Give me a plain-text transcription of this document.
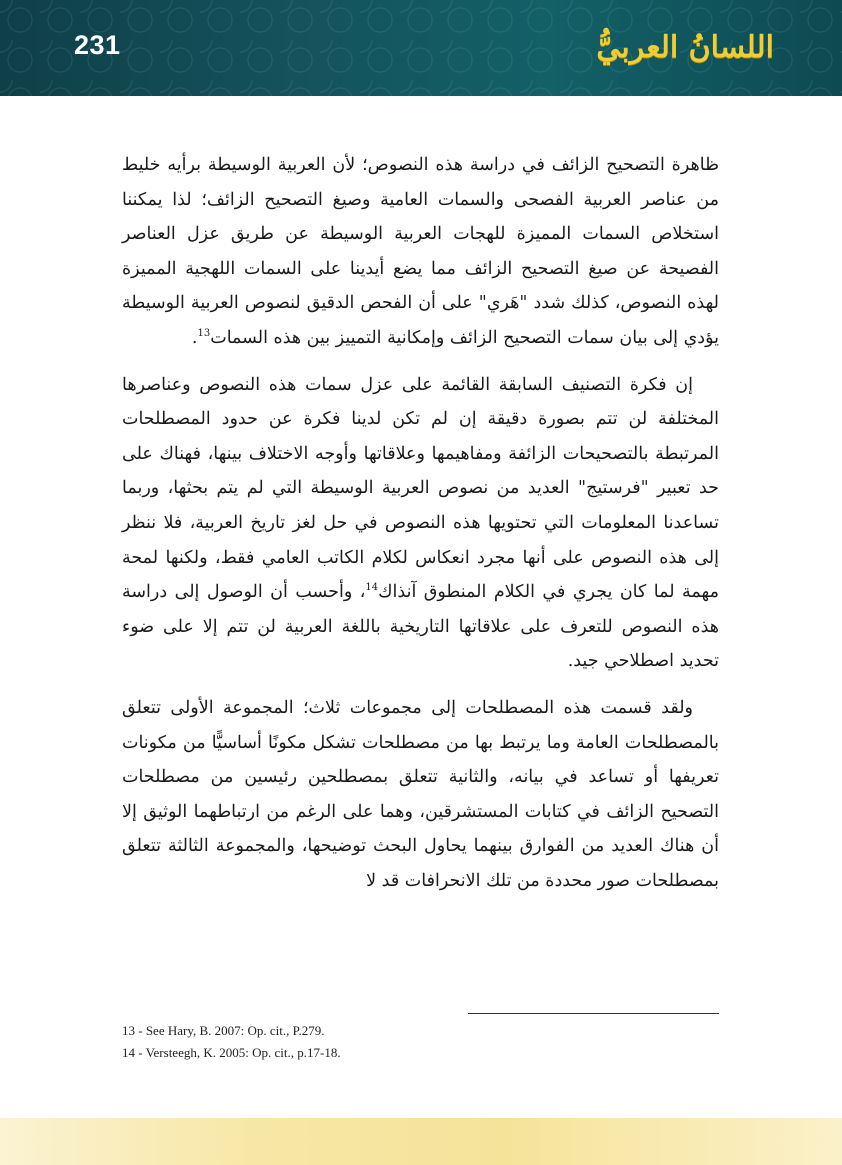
231	اللسانُ العربيُّ

ظاهرة التصحيح الزائف في دراسة هذه النصوص؛ لأن العربية الوسيطة برأيه خليط من عناصر العربية الفصحى والسمات العامية وصيغ التصحيح الزائف؛ لذا يمكننا استخلاص السمات المميزة للهجات العربية الوسيطة عن طريق عزل العناصر الفصيحة عن صيغ التصحيح الزائف مما يضع أيدينا على السمات اللهجية المميزة لهذه النصوص، كذلك شدد "هَري" على أن الفحص الدقيق لنصوص العربية الوسيطة يؤدي إلى بيان سمات التصحيح الزائف وإمكانية التمييز بين هذه السمات$^{13}$.

إن فكرة التصنيف السابقة القائمة على عزل سمات هذه النصوص وعناصرها المختلفة لن تتم بصورة دقيقة إن لم تكن لدينا فكرة عن حدود المصطلحات المرتبطة بالتصحيحات الزائفة ومفاهيمها وعلاقاتها وأوجه الاختلاف بينها، فهناك على حد تعبير "فرستيج" العديد من نصوص العربية الوسيطة التي لم يتم بحثها، وربما تساعدنا المعلومات التي تحتويها هذه النصوص في حل لغز تاريخ العربية، فلا ننظر إلى هذه النصوص على أنها مجرد انعكاس لكلام الكاتب العامي فقط، ولكنها لمحة مهمة لما كان يجري في الكلام المنطوق آنذاك$^{14}$، وأحسب أن الوصول إلى دراسة هذه النصوص للتعرف على علاقاتها التاريخية باللغة العربية لن تتم إلا على ضوء تحديد اصطلاحي جيد.

ولقد قسمت هذه المصطلحات إلى مجموعات ثلاث؛ المجموعة الأولى تتعلق بالمصطلحات العامة وما يرتبط بها من مصطلحات تشكل مكونًا أساسيًّا من مكونات تعريفها أو تساعد في بيانه، والثانية تتعلق بمصطلحين رئيسين من مصطلحات التصحيح الزائف في كتابات المستشرقين، وهما على الرغم من ارتباطهما الوثيق إلا أن هناك العديد من الفوارق بينهما يحاول البحث توضيحها، والمجموعة الثالثة تتعلق بمصطلحات صور محددة من تلك الانحرافات قد لا

13 - See Hary, B. 2007: Op. cit., P.279.
14 - Versteegh, K. 2005: Op. cit., p.17-18.
